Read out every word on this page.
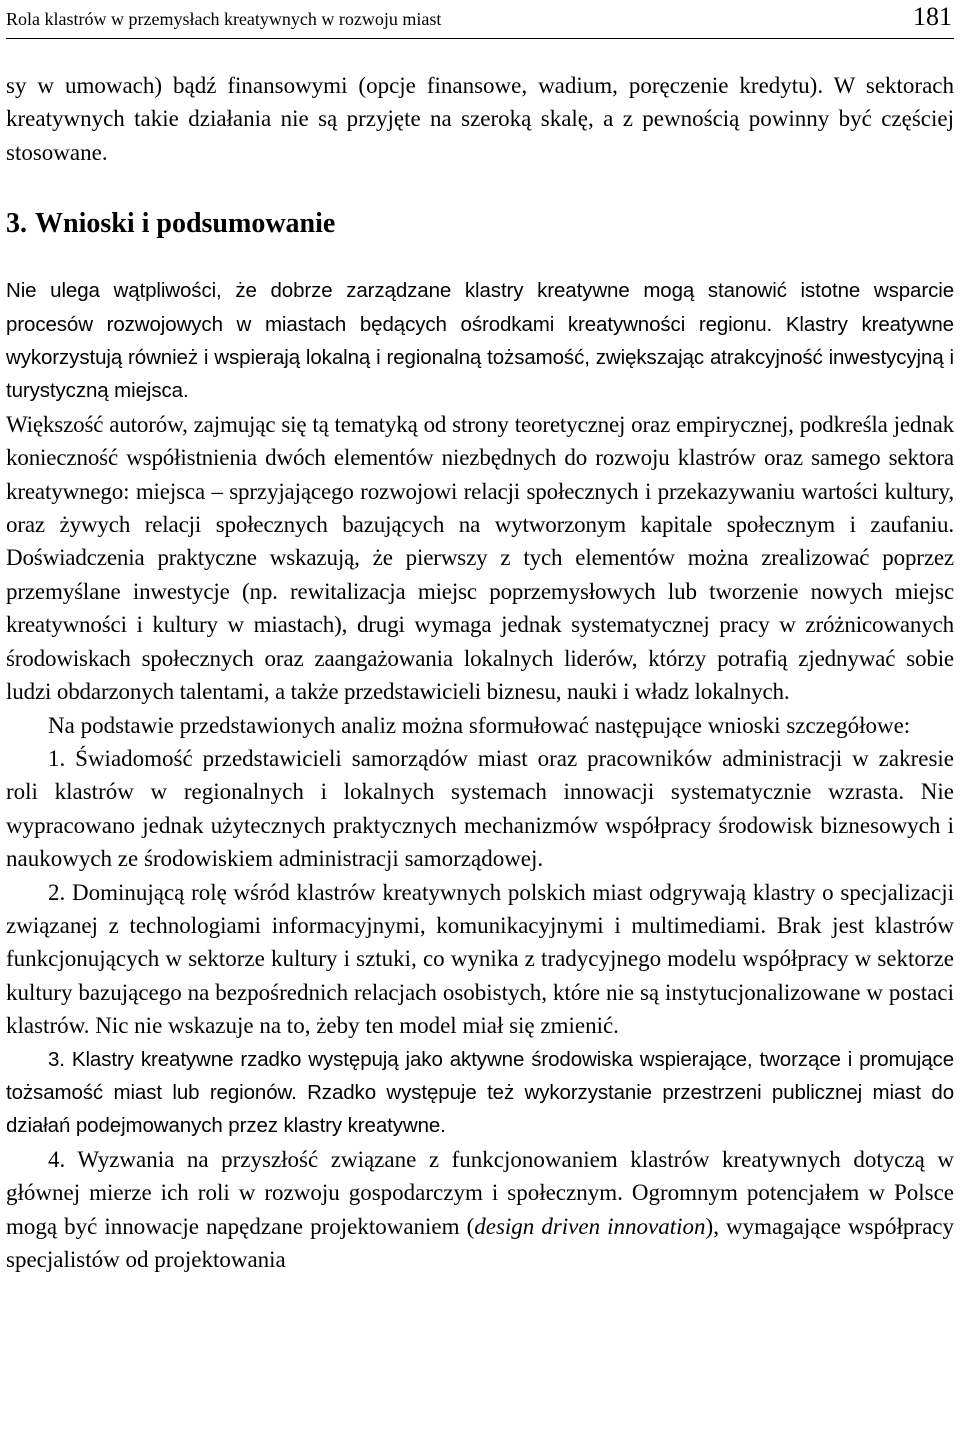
Rola klastrów w przemysłach kreatywnych w rozwoju miast	181

sy w umowach) bądź finansowymi (opcje finansowe, wadium, poręczenie kredytu). W sektorach kreatywnych takie działania nie są przyjęte na szeroką skalę, a z pewnością powinny być częściej stosowane.

3. Wnioski i podsumowanie

Nie ulega wątpliwości, że dobrze zarządzane klastry kreatywne mogą stanowić istotne wsparcie procesów rozwojowych w miastach będących ośrodkami kreatywności regionu. Klastry kreatywne wykorzystują również i wspierają lokalną i regionalną tożsamość, zwiększając atrakcyjność inwestycyjną i turystyczną miejsca.

Większość autorów, zajmując się tą tematyką od strony teoretycznej oraz empirycznej, podkreśla jednak konieczność współistnienia dwóch elementów niezbędnych do rozwoju klastrów oraz samego sektora kreatywnego: miejsca – sprzyjającego rozwojowi relacji społecznych i przekazywaniu wartości kultury, oraz żywych relacji społecznych bazujących na wytworzonym kapitale społecznym i zaufaniu. Doświadczenia praktyczne wskazują, że pierwszy z tych elementów można zrealizować poprzez przemyślane inwestycje (np. rewitalizacja miejsc poprzemysłowych lub tworzenie nowych miejsc kreatywności i kultury w miastach), drugi wymaga jednak systematycznej pracy w zróżnicowanych środowiskach społecznych oraz zaangażowania lokalnych liderów, którzy potrafią zjednywać sobie ludzi obdarzonych talentami, a także przedstawicieli biznesu, nauki i władz lokalnych.

Na podstawie przedstawionych analiz można sformułować następujące wnioski szczegółowe:

1. Świadomość przedstawicieli samorządów miast oraz pracowników administracji w zakresie roli klastrów w regionalnych i lokalnych systemach innowacji systematycznie wzrasta. Nie wypracowano jednak użytecznych praktycznych mechanizmów współpracy środowisk biznesowych i naukowych ze środowiskiem administracji samorządowej.

2. Dominującą rolę wśród klastrów kreatywnych polskich miast odgrywają klastry o specjalizacji związanej z technologiami informacyjnymi, komunikacyjnymi i multimediami. Brak jest klastrów funkcjonujących w sektorze kultury i sztuki, co wynika z tradycyjnego modelu współpracy w sektorze kultury bazującego na bezpośrednich relacjach osobistych, które nie są instytucjonalizowane w postaci klastrów. Nic nie wskazuje na to, żeby ten model miał się zmienić.

3. Klastry kreatywne rzadko występują jako aktywne środowiska wspierające, tworzące i promujące tożsamość miast lub regionów. Rzadko występuje też wykorzystanie przestrzeni publicznej miast do działań podejmowanych przez klastry kreatywne.

4. Wyzwania na przyszłość związane z funkcjonowaniem klastrów kreatywnych dotyczą w głównej mierze ich roli w rozwoju gospodarczym i społecznym. Ogromnym potencjałem w Polsce mogą być innowacje napędzane projektowaniem (design driven innovation), wymagające współpracy specjalistów od projektowania
